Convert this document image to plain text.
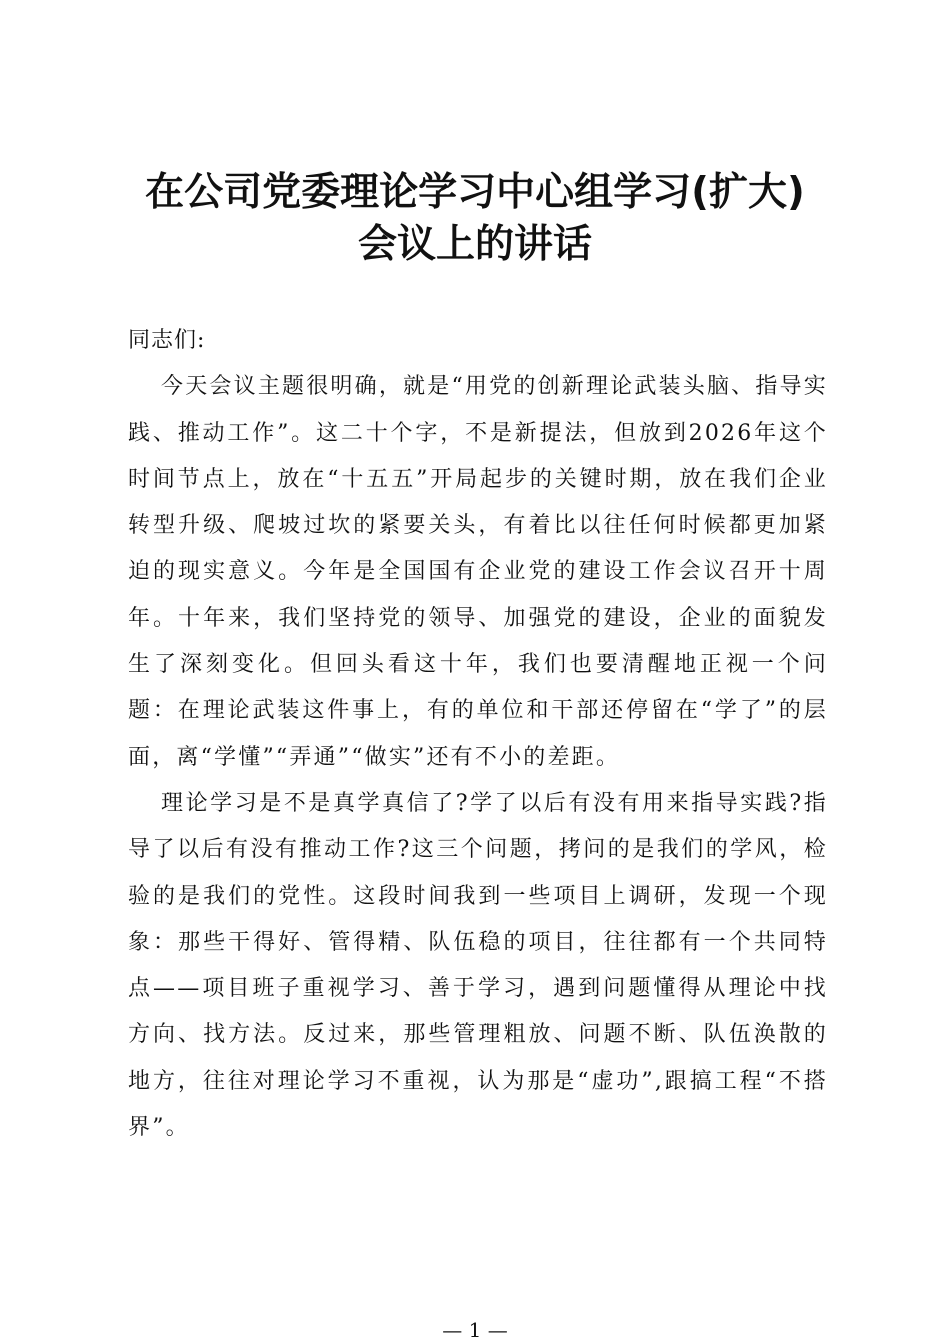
在公司党委理论学习中心组学习(扩大)
会议上的讲话

同志们:

今天会议主题很明确，就是“用党的创新理论武装头脑、指导实践、推动工作”。这二十个字，不是新提法，但放到2026年这个时间节点上，放在“十五五”开局起步的关键时期，放在我们企业转型升级、爬坡过坎的紧要关头，有着比以往任何时候都更加紧迫的现实意义。今年是全国国有企业党的建设工作会议召开十周年。十年来，我们坚持党的领导、加强党的建设，企业的面貌发生了深刻变化。但回头看这十年，我们也要清醒地正视一个问题：在理论武装这件事上，有的单位和干部还停留在“学了”的层面，离“学懂”“弄通”“做实”还有不小的差距。

理论学习是不是真学真信了?学了以后有没有用来指导实践?指导了以后有没有推动工作?这三个问题，拷问的是我们的学风，检验的是我们的党性。这段时间我到一些项目上调研，发现一个现象：那些干得好、管得精、队伍稳的项目，往往都有一个共同特点——项目班子重视学习、善于学习，遇到问题懂得从理论中找方向、找方法。反过来，那些管理粗放、问题不断、队伍涣散的地方，往往对理论学习不重视，认为那是“虚功”,跟搞工程“不搭界”。

— 1 —
